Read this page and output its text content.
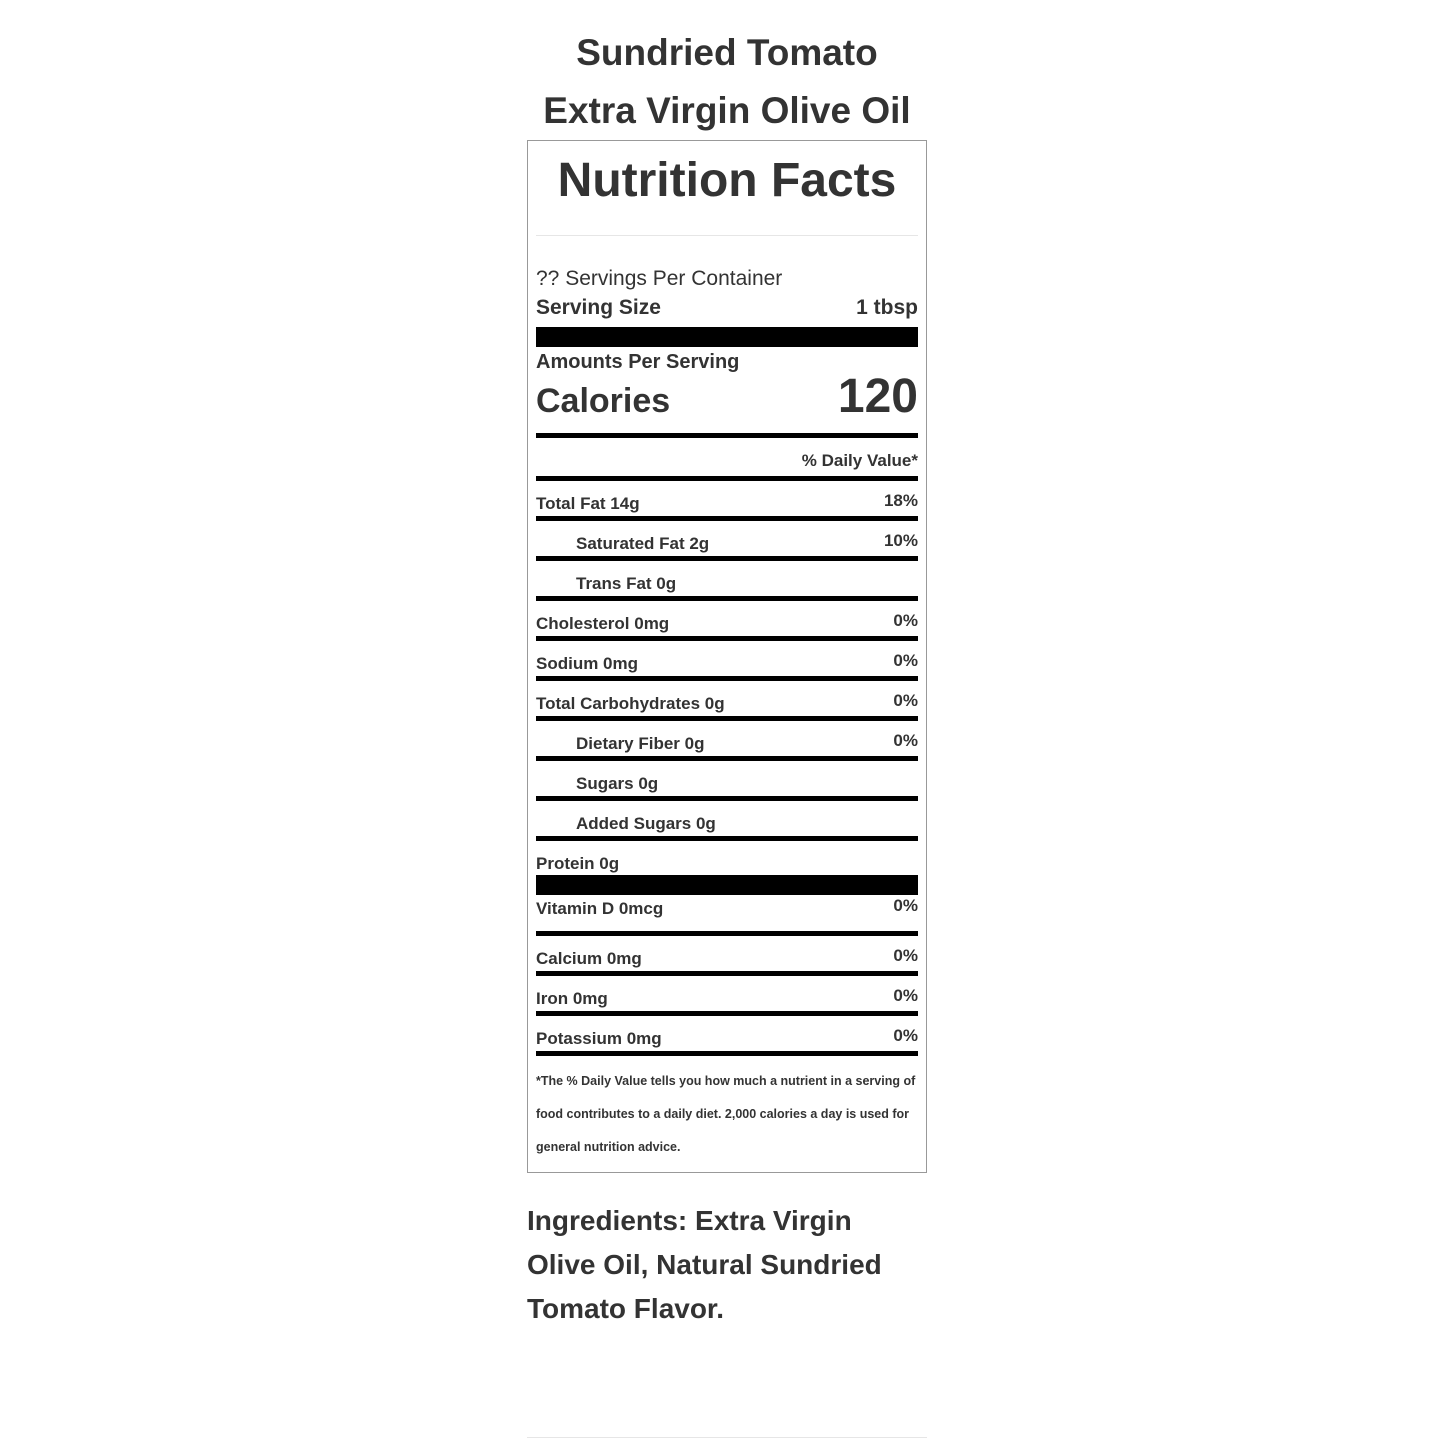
Sundried Tomato
Extra Virgin Olive Oil
Nutrition Facts
?? Servings Per Container
Serving Size	1 tbsp
Amounts Per Serving
Calories	120
% Daily Value*
Total Fat 14g	18%
Saturated Fat 2g	10%
Trans Fat 0g
Cholesterol 0mg	0%
Sodium 0mg	0%
Total Carbohydrates 0g	0%
Dietary Fiber 0g	0%
Sugars 0g
Added Sugars 0g
Protein 0g
Vitamin D 0mcg	0%
Calcium 0mg	0%
Iron 0mg	0%
Potassium 0mg	0%
*The % Daily Value tells you how much a nutrient in a serving of food contributes to a daily diet. 2,000 calories a day is used for general nutrition advice.
Ingredients: Extra Virgin Olive Oil, Natural Sundried Tomato Flavor.
